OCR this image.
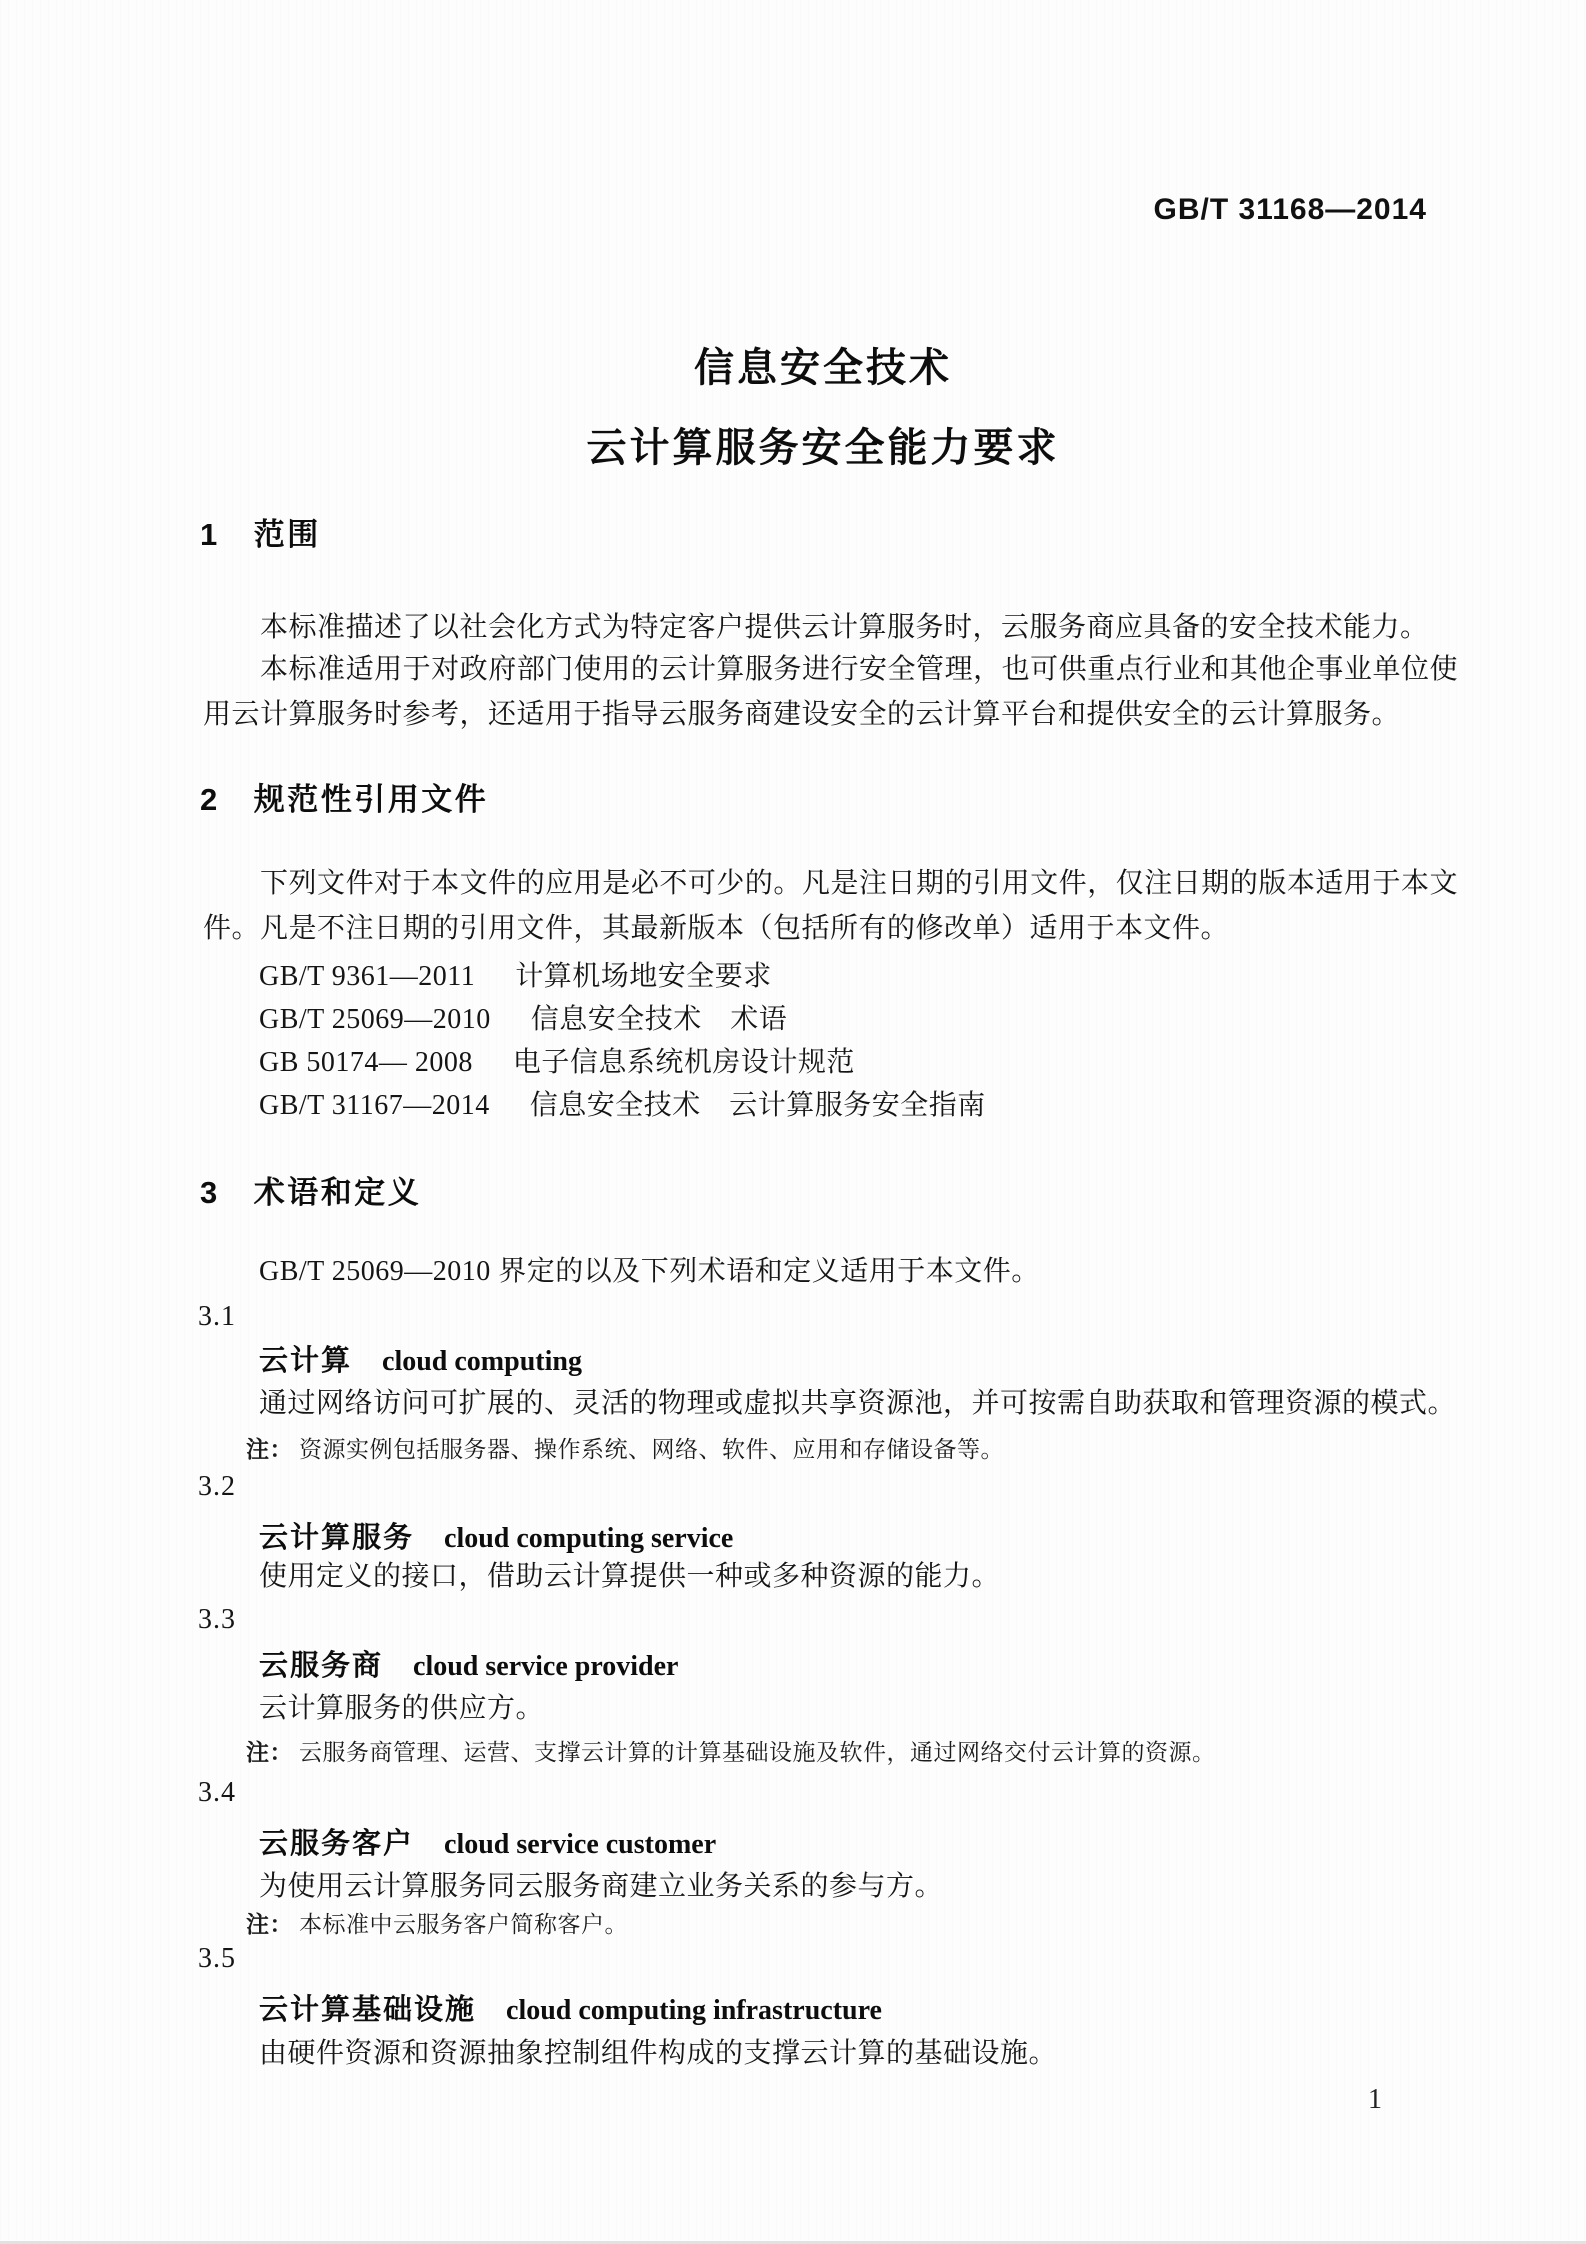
GB/T 31168—2014
信息安全技术
云计算服务安全能力要求
1 范围
本标准描述了以社会化方式为特定客户提供云计算服务时，云服务商应具备的安全技术能力。
本标准适用于对政府部门使用的云计算服务进行安全管理，也可供重点行业和其他企事业单位使用云计算服务时参考，还适用于指导云服务商建设安全的云计算平台和提供安全的云计算服务。
2 规范性引用文件
下列文件对于本文件的应用是必不可少的。凡是注日期的引用文件，仅注日期的版本适用于本文件。凡是不注日期的引用文件，其最新版本（包括所有的修改单）适用于本文件。
GB/T 9361—2011 计算机场地安全要求
GB/T 25069—2010 信息安全技术　术语
GB 50174— 2008 电子信息系统机房设计规范
GB/T 31167—2014 信息安全技术　云计算服务安全指南
3 术语和定义
GB/T 25069—2010 界定的以及下列术语和定义适用于本文件。
3.1
云计算 cloud computing
通过网络访问可扩展的、灵活的物理或虚拟共享资源池，并可按需自助获取和管理资源的模式。
注： 资源实例包括服务器、操作系统、网络、软件、应用和存储设备等。
3.2
云计算服务 cloud computing service
使用定义的接口，借助云计算提供一种或多种资源的能力。
3.3
云服务商 cloud service provider
云计算服务的供应方。
注： 云服务商管理、运营、支撑云计算的计算基础设施及软件，通过网络交付云计算的资源。
3.4
云服务客户 cloud service customer
为使用云计算服务同云服务商建立业务关系的参与方。
注： 本标准中云服务客户简称客户。
3.5
云计算基础设施 cloud computing infrastructure
由硬件资源和资源抽象控制组件构成的支撑云计算的基础设施。
1
